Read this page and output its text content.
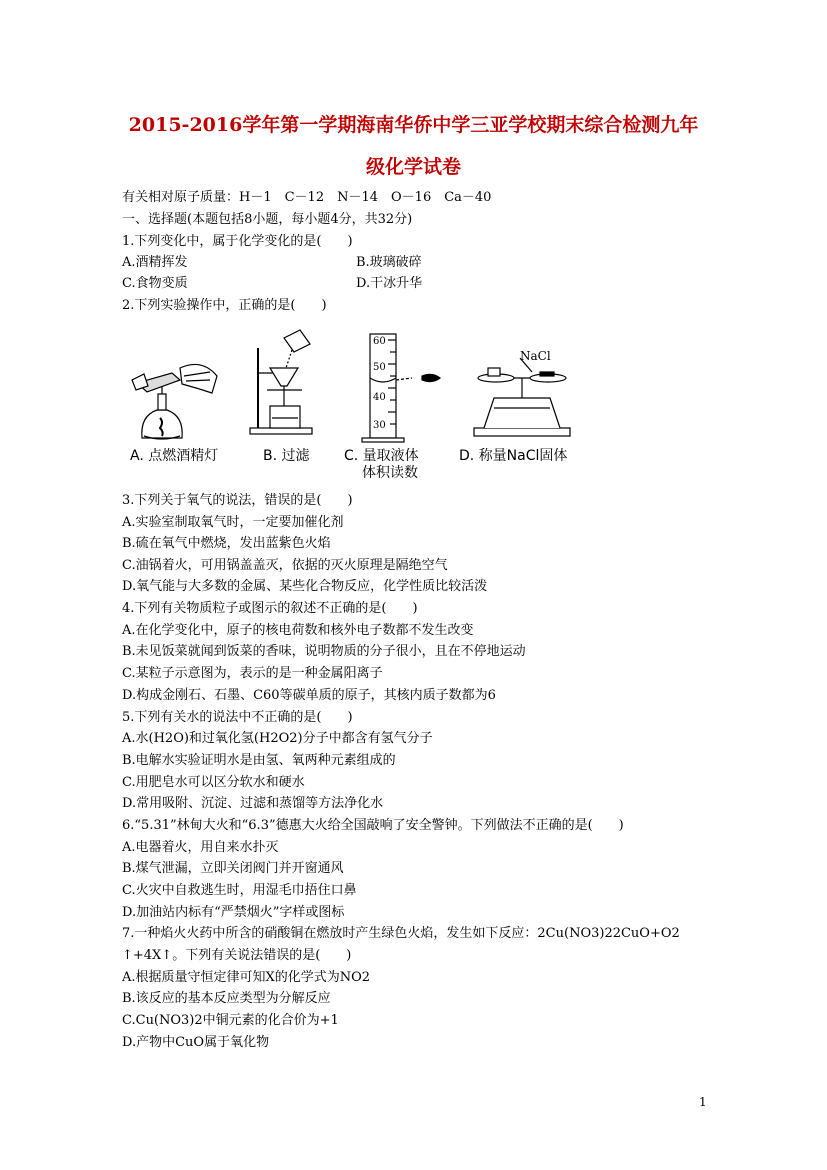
2015-2016学年第一学期海南华侨中学三亚学校期末综合检测九年
级化学试卷
有关相对原子质量：H－1　C－12　N－14　O－16　Ca－40
一、选择题(本题包括8小题，每小题4分，共32分)
1.下列变化中，属于化学变化的是(　　)
A.酒精挥发	B.玻璃破碎
C.食物变质	D.干冰升华
2.下列实验操作中，正确的是(　　)
60
50
40
30
NaCl
A. 点燃酒精灯	B. 过滤 C. 量取液体
体积读数
D. 称量NaCl固体
3.下列关于氧气的说法，错误的是(　　)
A.实验室制取氧气时，一定要加催化剂
B.硫在氧气中燃烧，发出蓝紫色火焰
C.油锅着火，可用锅盖盖灭，依据的灭火原理是隔绝空气
D.氧气能与大多数的金属、某些化合物反应，化学性质比较活泼
4.下列有关物质粒子或图示的叙述不正确的是(　　)
A.在化学变化中，原子的核电荷数和核外电子数都不发生改变
B.未见饭菜就闻到饭菜的香味，说明物质的分子很小，且在不停地运动
C.某粒子示意图为，表示的是一种金属阳离子
D.构成金刚石、石墨、C60等碳单质的原子，其核内质子数都为6
5.下列有关水的说法中不正确的是(　　)
A.水(H2O)和过氧化氢(H2O2)分子中都含有氢气分子
B.电解水实验证明水是由氢、氧两种元素组成的
C.用肥皂水可以区分软水和硬水
D.常用吸附、沉淀、过滤和蒸馏等方法净化水
6.“5.31”林甸大火和“6.3”德惠大火给全国敲响了安全警钟。下列做法不正确的是(　　)
A.电器着火，用自来水扑灭
B.煤气泄漏，立即关闭阀门并开窗通风
C.火灾中自救逃生时，用湿毛巾捂住口鼻
D.加油站内标有“严禁烟火”字样或图标
7.一种焰火火药中所含的硝酸铜在燃放时产生绿色火焰，发生如下反应：2Cu(NO3)22CuO+O2
↑+4X↑。下列有关说法错误的是(　　)
A.根据质量守恒定律可知X的化学式为NO2
B.该反应的基本反应类型为分解反应
C.Cu(NO3)2中铜元素的化合价为+1
D.产物中CuO属于氧化物
1
